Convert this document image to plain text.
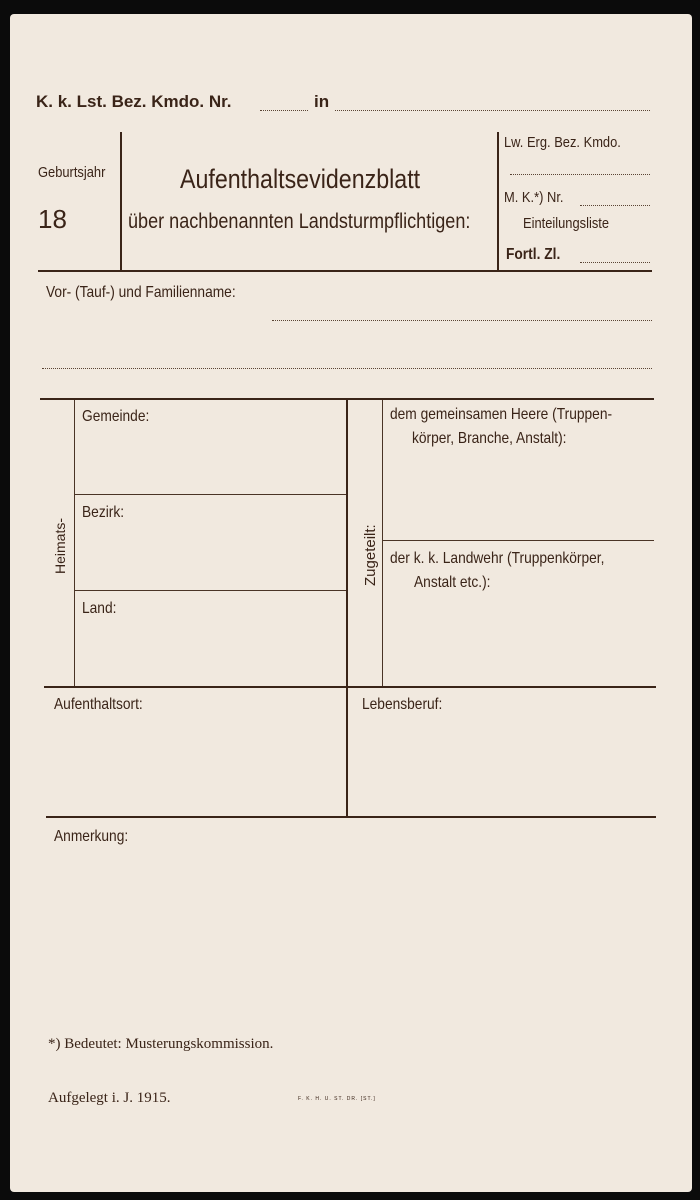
K. k. Lst. Bez. Kmdo. Nr.	in
Geburtsjahr
18
Aufenthaltsevidenzblatt
über nachbenannten Landsturmpflichtigen:
Lw. Erg. Bez. Kmdo.
M. K.*) Nr.
Einteilungsliste
Fortl. Zl.
Vor- (Tauf-) und Familienname:
Heimats-
Gemeinde:
Bezirk:
Land:
Zugeteilt:
dem gemeinsamen Heere (Truppen-
körper, Branche, Anstalt):
der k. k. Landwehr (Truppenkörper,
Anstalt etc.):
Aufenthaltsort:	Lebensberuf:
Anmerkung:
*) Bedeutet: Musterungskommission.
Aufgelegt i. J. 1915.	F. K. H. U. ST. DR. [ST.]
